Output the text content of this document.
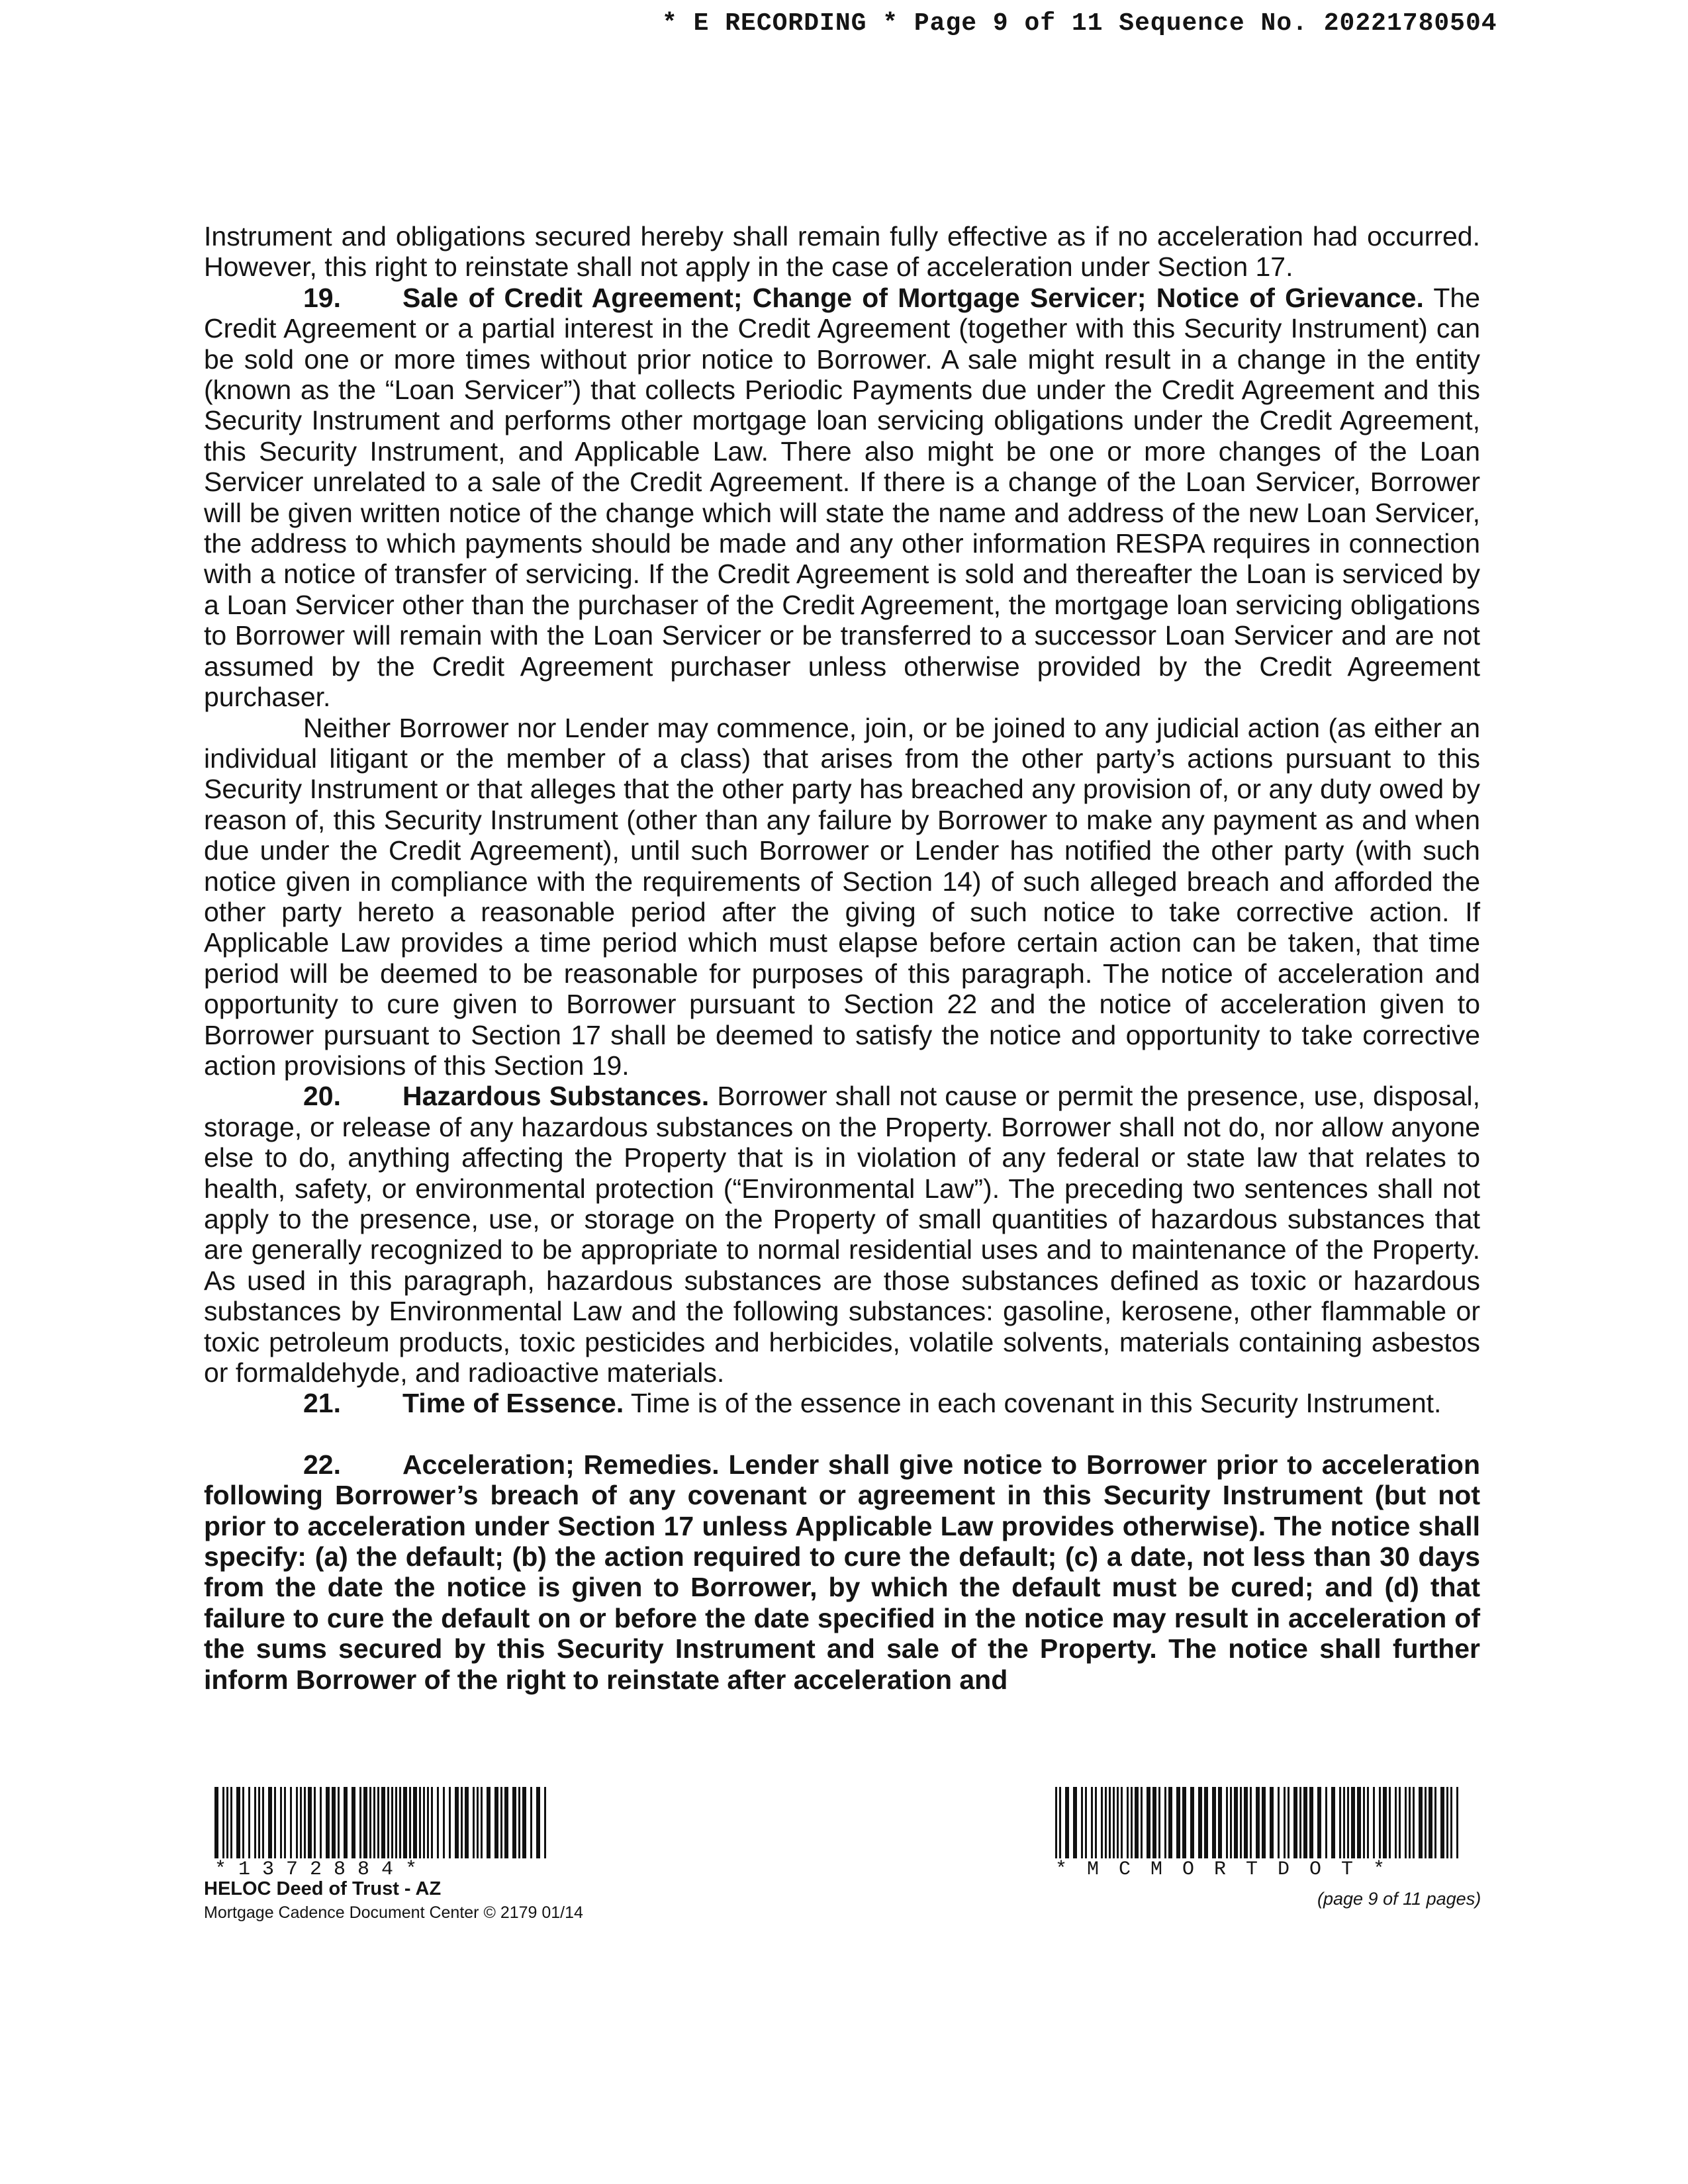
* E RECORDING * Page 9 of 11 Sequence No. 20221780504

Instrument and obligations secured hereby shall remain fully effective as if no acceleration had occurred. However, this right to reinstate shall not apply in the case of acceleration under Section 17.

19. Sale of Credit Agreement; Change of Mortgage Servicer; Notice of Grievance. The Credit Agreement or a partial interest in the Credit Agreement (together with this Security Instrument) can be sold one or more times without prior notice to Borrower. A sale might result in a change in the entity (known as the “Loan Servicer”) that collects Periodic Payments due under the Credit Agreement and this Security Instrument and performs other mortgage loan servicing obligations under the Credit Agreement, this Security Instrument, and Applicable Law. There also might be one or more changes of the Loan Servicer unrelated to a sale of the Credit Agreement. If there is a change of the Loan Servicer, Borrower will be given written notice of the change which will state the name and address of the new Loan Servicer, the address to which payments should be made and any other information RESPA requires in connection with a notice of transfer of servicing. If the Credit Agreement is sold and thereafter the Loan is serviced by a Loan Servicer other than the purchaser of the Credit Agreement, the mortgage loan servicing obligations to Borrower will remain with the Loan Servicer or be transferred to a successor Loan Servicer and are not assumed by the Credit Agreement purchaser unless otherwise provided by the Credit Agreement purchaser.

Neither Borrower nor Lender may commence, join, or be joined to any judicial action (as either an individual litigant or the member of a class) that arises from the other party’s actions pursuant to this Security Instrument or that alleges that the other party has breached any provision of, or any duty owed by reason of, this Security Instrument (other than any failure by Borrower to make any payment as and when due under the Credit Agreement), until such Borrower or Lender has notified the other party (with such notice given in compliance with the requirements of Section 14) of such alleged breach and afforded the other party hereto a reasonable period after the giving of such notice to take corrective action. If Applicable Law provides a time period which must elapse before certain action can be taken, that time period will be deemed to be reasonable for purposes of this paragraph. The notice of acceleration and opportunity to cure given to Borrower pursuant to Section 22 and the notice of acceleration given to Borrower pursuant to Section 17 shall be deemed to satisfy the notice and opportunity to take corrective action provisions of this Section 19.

20. Hazardous Substances. Borrower shall not cause or permit the presence, use, disposal, storage, or release of any hazardous substances on the Property. Borrower shall not do, nor allow anyone else to do, anything affecting the Property that is in violation of any federal or state law that relates to health, safety, or environmental protection (“Environmental Law”). The preceding two sentences shall not apply to the presence, use, or storage on the Property of small quantities of hazardous substances that are generally recognized to be appropriate to normal residential uses and to maintenance of the Property. As used in this paragraph, hazardous substances are those substances defined as toxic or hazardous substances by Environmental Law and the following substances: gasoline, kerosene, other flammable or toxic petroleum products, toxic pesticides and herbicides, volatile solvents, materials containing asbestos or formaldehyde, and radioactive materials.

21. Time of Essence. Time is of the essence in each covenant in this Security Instrument.

22. Acceleration; Remedies. Lender shall give notice to Borrower prior to acceleration following Borrower’s breach of any covenant or agreement in this Security Instrument (but not prior to acceleration under Section 17 unless Applicable Law provides otherwise). The notice shall specify: (a) the default; (b) the action required to cure the default; (c) a date, not less than 30 days from the date the notice is given to Borrower, by which the default must be cured; and (d) that failure to cure the default on or before the date specified in the notice may result in acceleration of the sums secured by this Security Instrument and sale of the Property. The notice shall further inform Borrower of the right to reinstate after acceleration and

*1372884*
HELOC Deed of Trust - AZ
Mortgage Cadence Document Center © 2179 01/14
*MCMORTDOT*
(page 9 of 11 pages)
